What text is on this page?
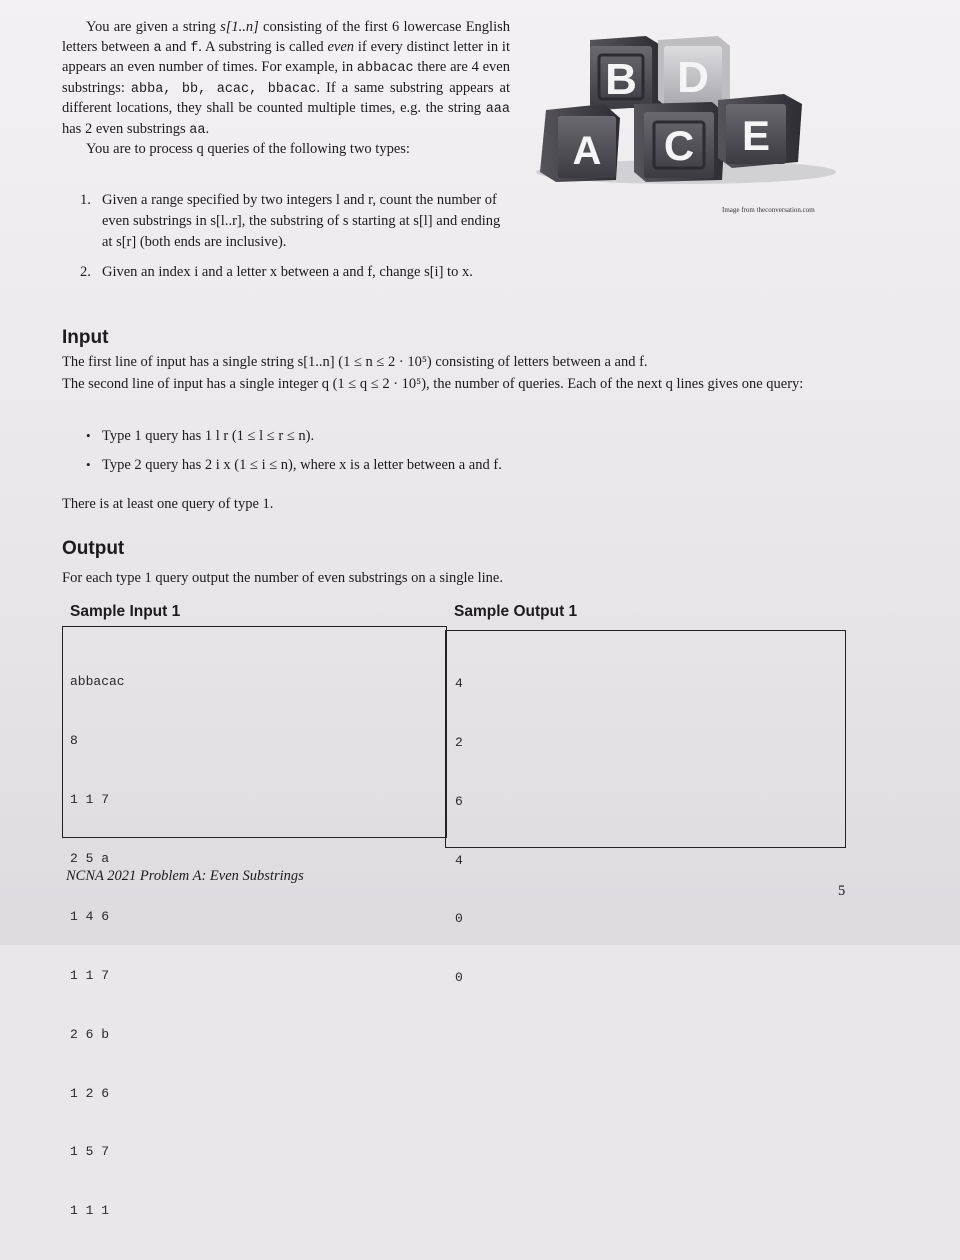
You are given a string s[1..n] consisting of the first 6 lowercase English letters between a and f. A substring is called even if every distinct letter in it appears an even number of times. For example, in abbacac there are 4 even substrings: abba, bb, acac, bbacac. If a same substring appears at different locations, they shall be counted multiple times, e.g. the string aaa has 2 even substrings aa.

You are to process q queries of the following two types:

1. Given a range specified by two integers l and r, count the number of even substrings in s[l..r], the substring of s starting at s[l] and ending at s[r] (both ends are inclusive).
2. Given an index i and a letter x between a and f, change s[i] to x.
B D
A C E
Image from theconversation.com
Input
The first line of input has a single string s[1..n] (1 ≤ n ≤ 2 · 10⁵) consisting of letters between a and f.
The second line of input has a single integer q (1 ≤ q ≤ 2 · 10⁵), the number of queries. Each of the next q lines gives one query:
• Type 1 query has 1 l r (1 ≤ l ≤ r ≤ n).
• Type 2 query has 2 i x (1 ≤ i ≤ n), where x is a letter between a and f.
There is at least one query of type 1.
Output
For each type 1 query output the number of even substrings on a single line.
Sample Input 1	Sample Output 1

abbacac

8

1 1 7

2 5 a

1 4 6

1 1 7

2 6 b

1 2 6

1 5 7

1 1 1

4

2

6

4

0

0

NCNA 2021 Problem A: Even Substrings
5
